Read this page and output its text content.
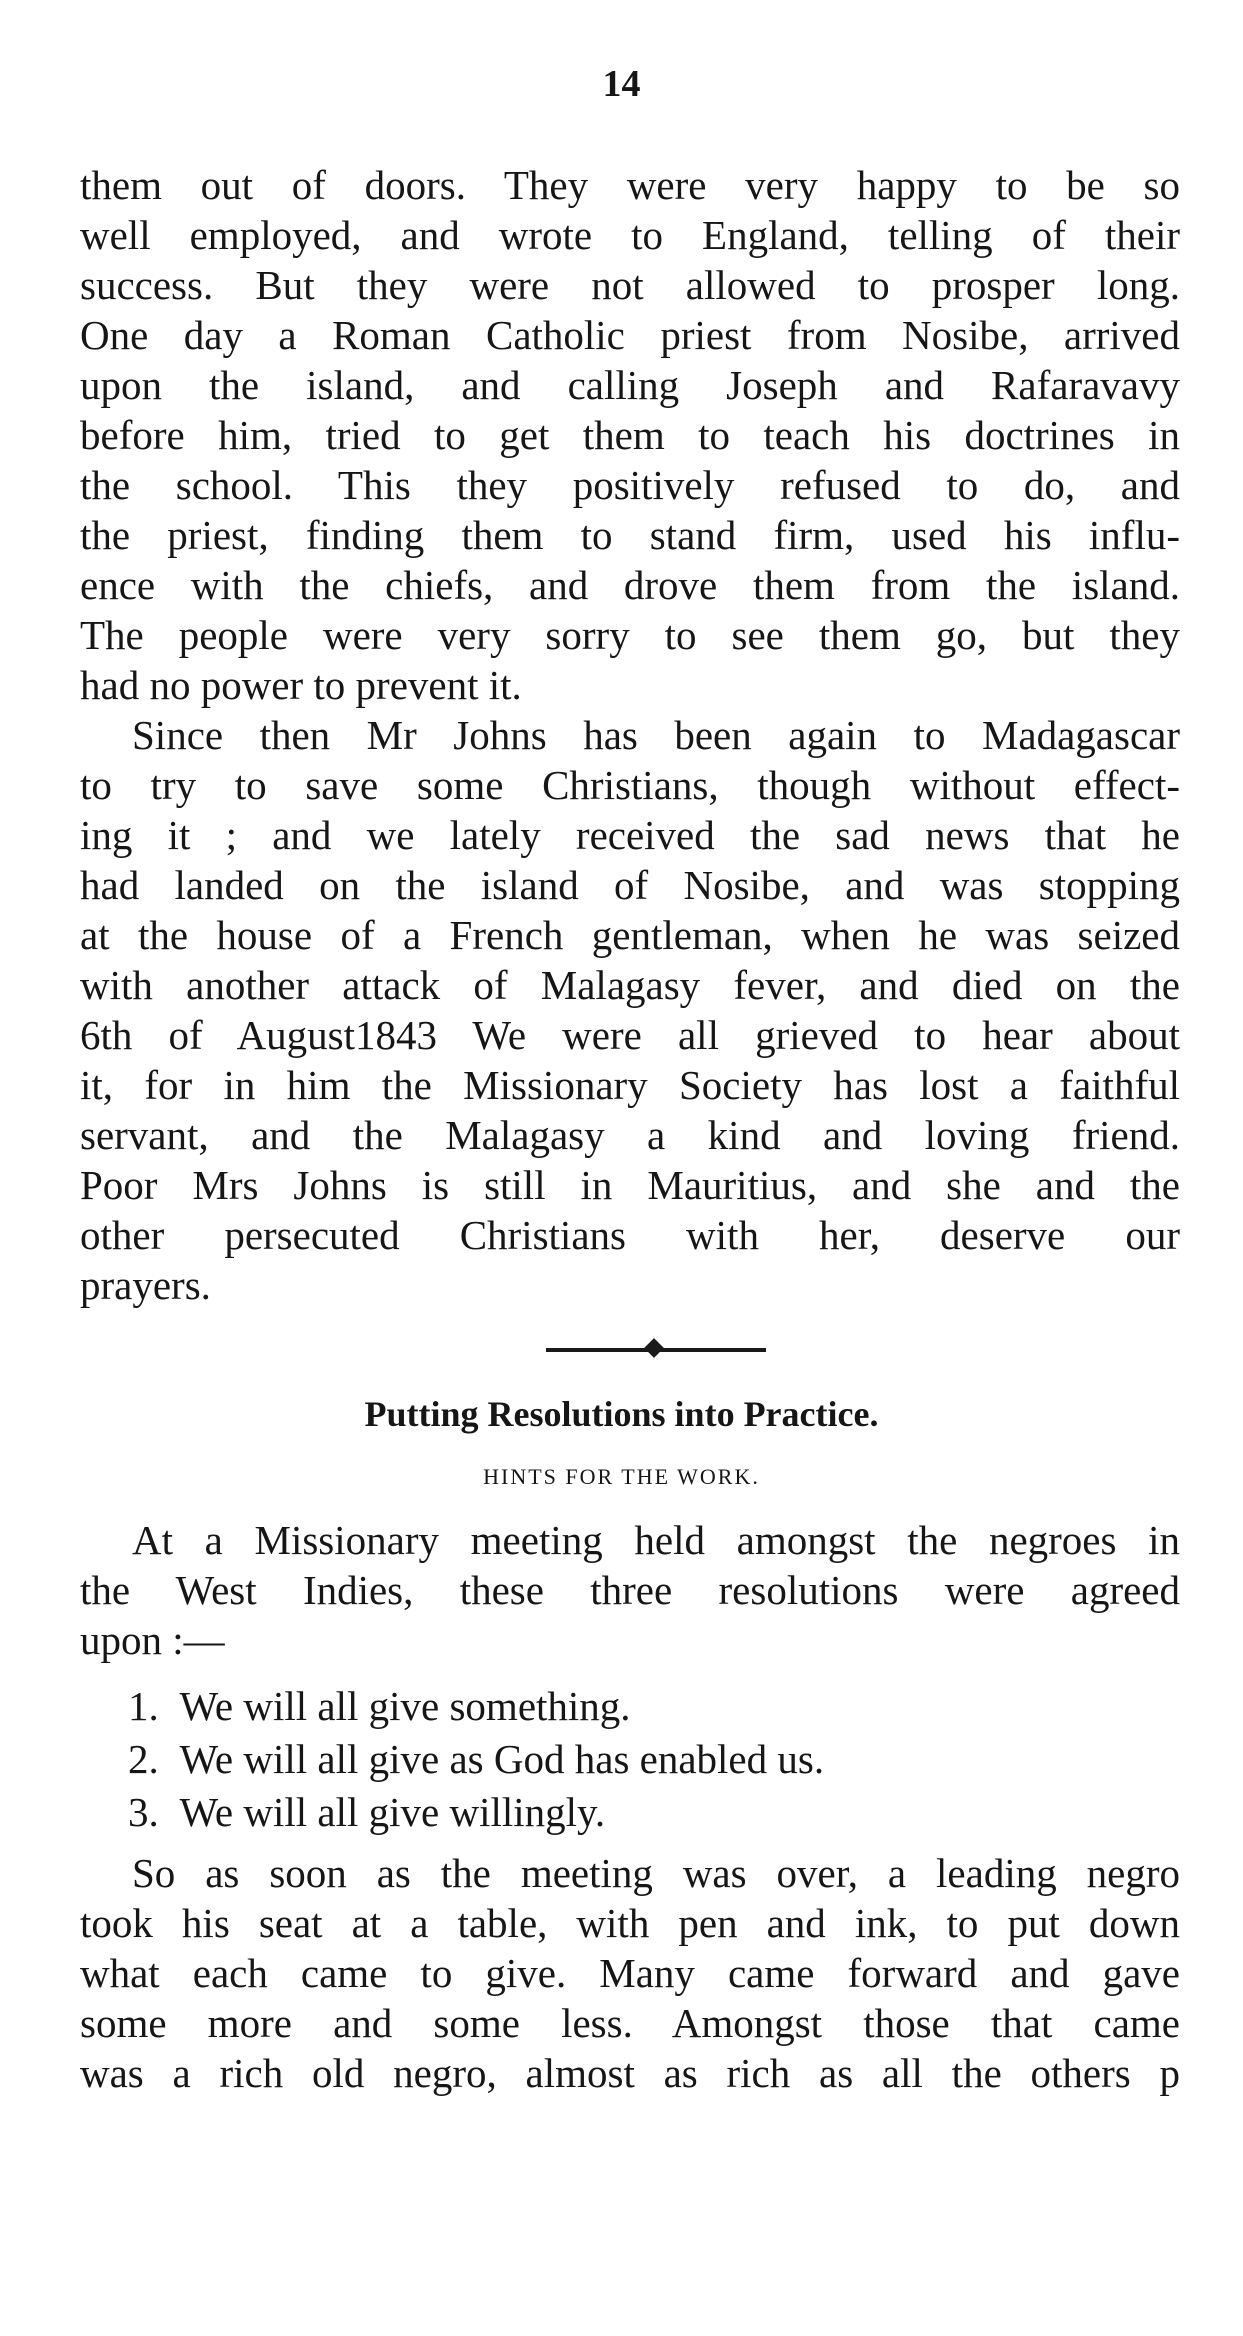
14
them out of doors. They were very happy to be so
well employed, and wrote to England, telling of their
success. But they were not allowed to prosper long.
One day a Roman Catholic priest from Nosibe, arrived
upon the island, and calling Joseph and Rafaravavy
before him, tried to get them to teach his doctrines in
the school. This they positively refused to do, and
the priest, finding them to stand firm, used his influ-
ence with the chiefs, and drove them from the island.
The people were very sorry to see them go, but they
had no power to prevent it.
Since then Mr Johns has been again to Madagascar
to try to save some Christians, though without effect-
ing it ; and we lately received the sad news that he
had landed on the island of Nosibe, and was stopping
at the house of a French gentleman, when he was seized
with another attack of Malagasy fever, and died on the
6th of August1843 We were all grieved to hear about
it, for in him the Missionary Society has lost a faithful
servant, and the Malagasy a kind and loving friend.
Poor Mrs Johns is still in Mauritius, and she and the
other persecuted Christians with her, deserve our
prayers.
Putting Resolutions into Practice.
HINTS FOR THE WORK.
At a Missionary meeting held amongst the negroes in
the West Indies, these three resolutions were agreed
upon :—
1. We will all give something.
2. We will all give as God has enabled us.
3. We will all give willingly.
So as soon as the meeting was over, a leading negro
took his seat at a table, with pen and ink, to put down
what each came to give. Many came forward and gave
some more and some less. Amongst those that came
was a rich old negro, almost as rich as all the others p
